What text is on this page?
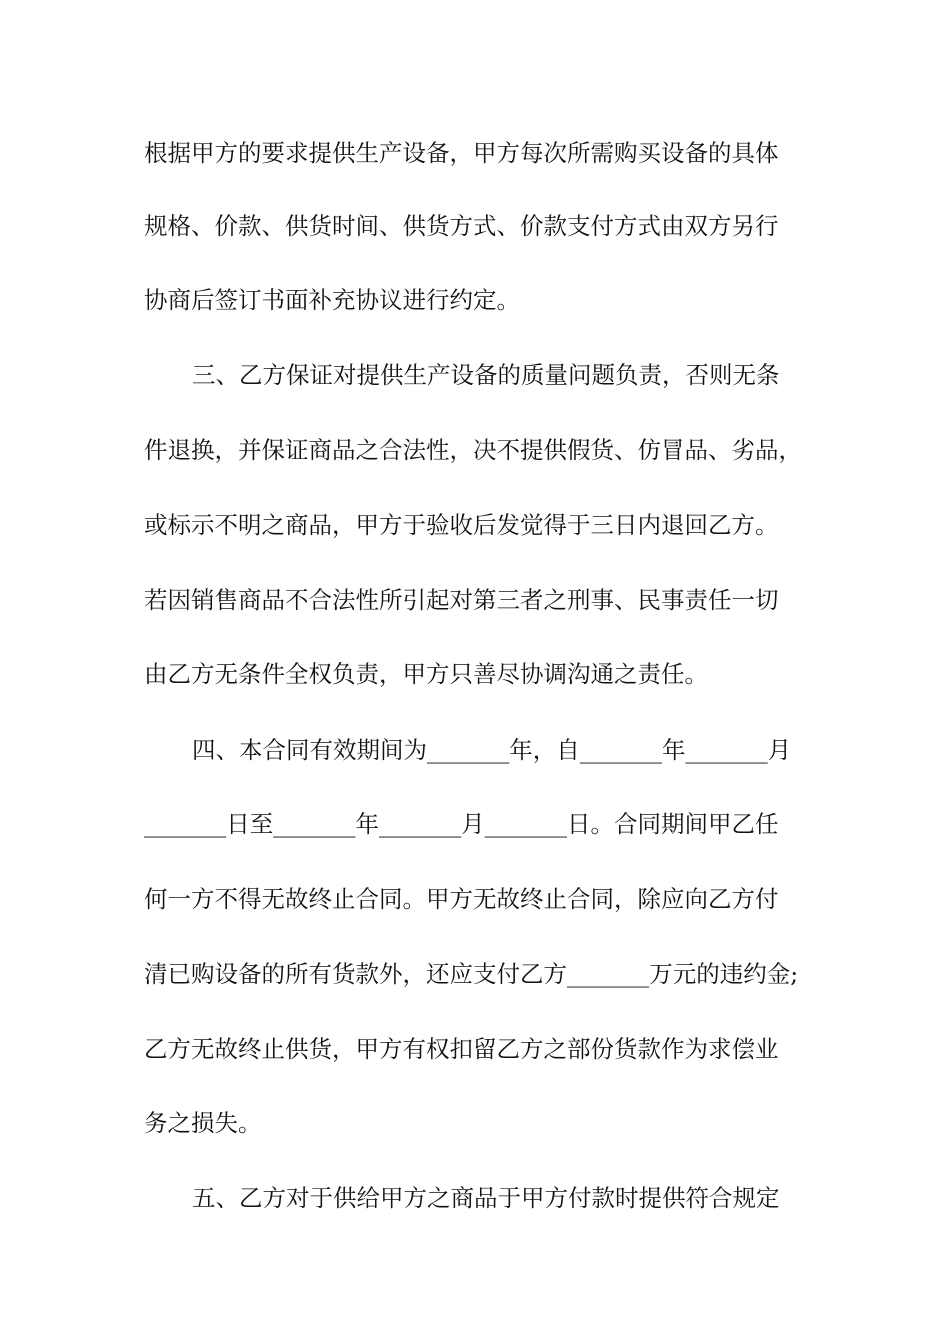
根据甲方的要求提供生产设备，甲方每次所需购买设备的具体
规格、价款、供货时间、供货方式、价款支付方式由双方另行
协商后签订书面补充协议进行约定。
三、乙方保证对提供生产设备的质量问题负责，否则无条
件退换，并保证商品之合法性，决不提供假货、仿冒品、劣品，
或标示不明之商品，甲方于验收后发觉得于三日内退回乙方。
若因销售商品不合法性所引起对第三者之刑事、民事责任一切
由乙方无条件全权负责，甲方只善尽协调沟通之责任。
四、本合同有效期间为_______年，自_______年_______月
_______日至_______年_______月_______日。合同期间甲乙任
何一方不得无故终止合同。甲方无故终止合同，除应向乙方付
清已购设备的所有货款外，还应支付乙方_______万元的违约金;
乙方无故终止供货，甲方有权扣留乙方之部份货款作为求偿业
务之损失。
五、乙方对于供给甲方之商品于甲方付款时提供符合规定
